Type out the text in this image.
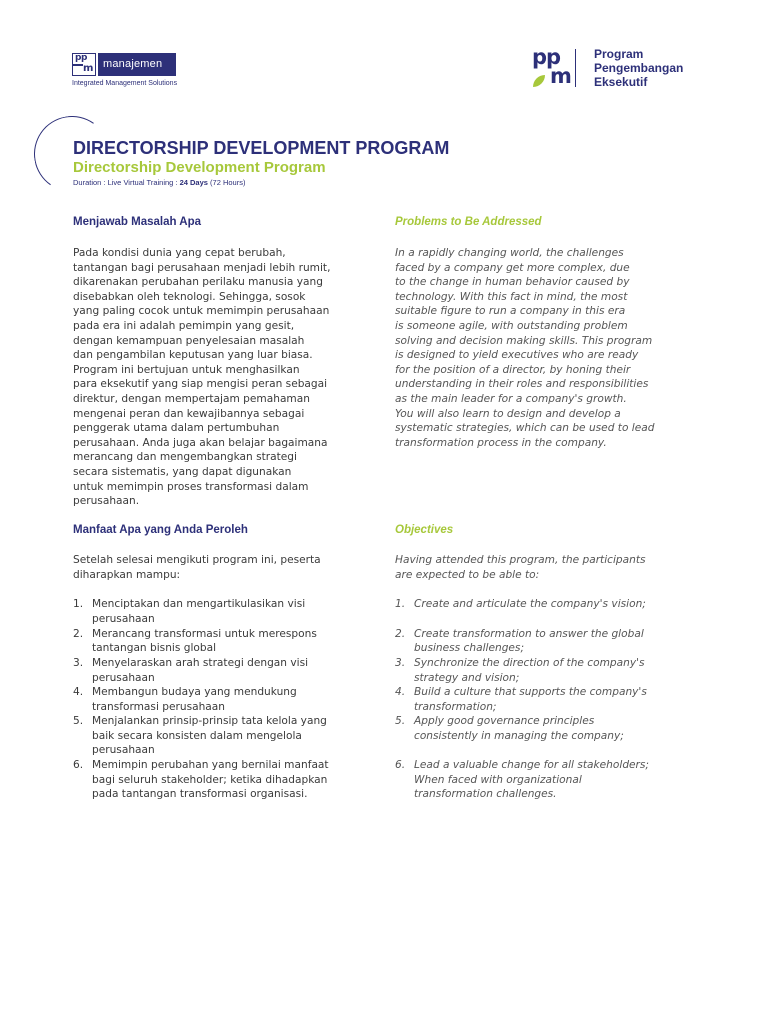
pp
m manajemen
Integrated Management Solutions
pp
m
Program
Pengembangan
Eksekutif
DIRECTORSHIP DEVELOPMENT PROGRAM
Directorship Development Program
Duration : Live Virtual Training : 24 Days (72 Hours)
Menjawab Masalah Apa	Problems to Be Addressed
Pada kondisi dunia yang cepat berubah,
tantangan bagi perusahaan menjadi lebih rumit,
dikarenakan perubahan perilaku manusia yang
disebabkan oleh teknologi. Sehingga, sosok
yang paling cocok untuk memimpin perusahaan
pada era ini adalah pemimpin yang gesit,
dengan kemampuan penyelesaian masalah
dan pengambilan keputusan yang luar biasa.
Program ini bertujuan untuk menghasilkan
para eksekutif yang siap mengisi peran sebagai
direktur, dengan mempertajam pemahaman
mengenai peran dan kewajibannya sebagai
penggerak utama dalam pertumbuhan
perusahaan. Anda juga akan belajar bagaimana
merancang dan mengembangkan strategi
secara sistematis, yang dapat digunakan
untuk memimpin proses transformasi dalam
perusahaan.
In a rapidly changing world, the challenges
faced by a company get more complex, due
to the change in human behavior caused by
technology. With this fact in mind, the most
suitable figure to run a company in this era
is someone agile, with outstanding problem
solving and decision making skills. This program
is designed to yield executives who are ready
for the position of a director, by honing their
understanding in their roles and responsibilities
as the main leader for a company's growth.
You will also learn to design and develop a
systematic strategies, which can be used to lead
transformation process in the company.
Manfaat Apa yang Anda Peroleh	Objectives
Setelah selesai mengikuti program ini, peserta
diharapkan mampu:
Having attended this program, the participants
are expected to be able to:
1. Menciptakan dan mengartikulasikan visi
perusahaan
2. Merancang transformasi untuk merespons
tantangan bisnis global
3. Menyelaraskan arah strategi dengan visi
perusahaan
4. Membangun budaya yang mendukung
transformasi perusahaan
5. Menjalankan prinsip-prinsip tata kelola yang
baik secara konsisten dalam mengelola
perusahaan
6. Memimpin perubahan yang bernilai manfaat
bagi seluruh stakeholder; ketika dihadapkan
pada tantangan transformasi organisasi.
1. Create and articulate the company's vision;
2. Create transformation to answer the global
business challenges;
3. Synchronize the direction of the company's
strategy and vision;
4. Build a culture that supports the company's
transformation;
5. Apply good governance principles
consistently in managing the company;
6. Lead a valuable change for all stakeholders;
When faced with organizational
transformation challenges.
